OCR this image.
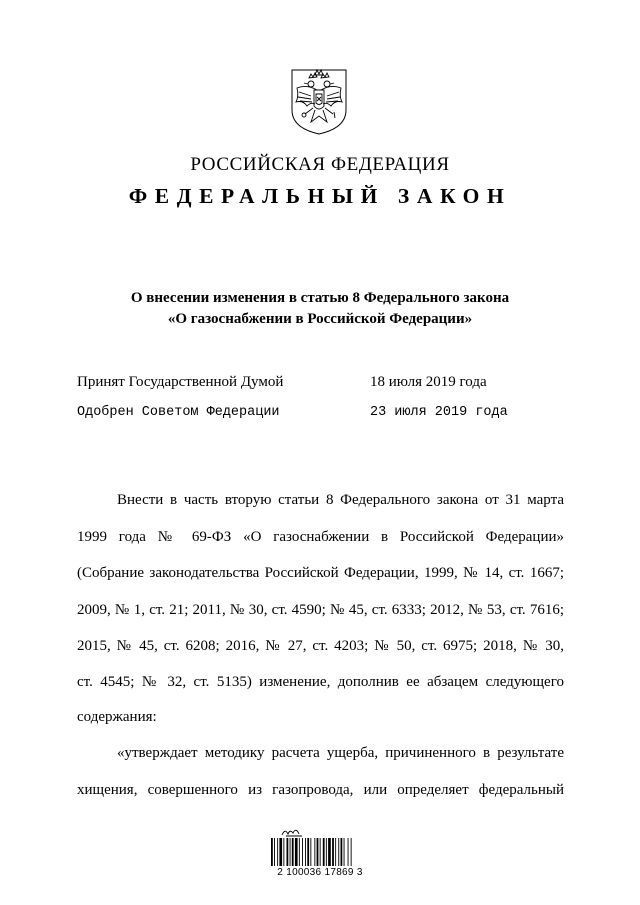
РОССИЙСКАЯ ФЕДЕРАЦИЯ
ФЕДЕРАЛЬНЫЙ ЗАКОН
О внесении изменения в статью 8 Федерального закона
«О газоснабжении в Российской Федерации»
Принят Государственной Думой	18 июля 2019 года
Одобрен Советом Федерации	23 июля 2019 года
Внести в часть вторую статьи 8 Федерального закона от 31 марта
1999 года № 69-ФЗ «О газоснабжении в Российской Федерации»
(Собрание законодательства Российской Федерации, 1999, № 14, ст. 1667;
2009, № 1, ст. 21; 2011, № 30, ст. 4590; № 45, ст. 6333; 2012, № 53, ст. 7616;
2015, № 45, ст. 6208; 2016, № 27, ст. 4203; № 50, ст. 6975; 2018, № 30,
ст. 4545; № 32, ст. 5135) изменение, дополнив ее абзацем следующего
содержания:
«утверждает методику расчета ущерба, причиненного в результате
хищения, совершенного из газопровода, или определяет федеральный
2 100036 17869 3
